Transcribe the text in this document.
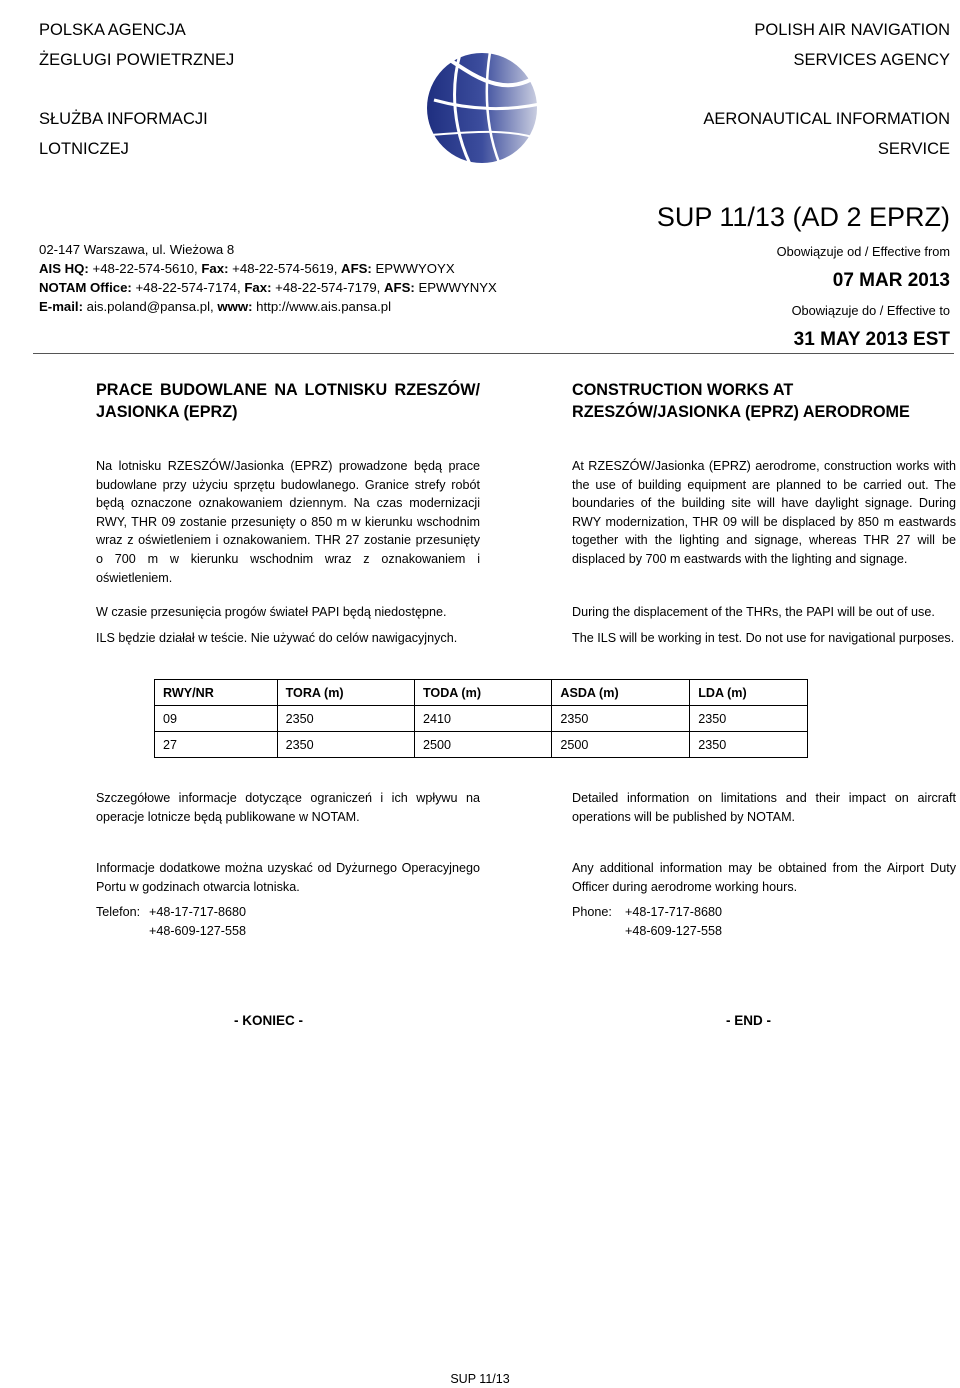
POLSKA AGENCJA
ŻEGLUGI POWIETRZNEJ
SŁUŻBA INFORMACJI
LOTNICZEJ
POLISH AIR NAVIGATION
SERVICES AGENCY
AERONAUTICAL INFORMATION
SERVICE
02-147 Warszawa, ul. Wieżowa 8
AIS HQ: +48-22-574-5610, Fax: +48-22-574-5619, AFS: EPWWYOYX
NOTAM Office: +48-22-574-7174, Fax: +48-22-574-7179, AFS: EPWWYNYX
E-mail: ais.poland@pansa.pl, www: http://www.ais.pansa.pl
SUP 11/13 (AD 2 EPRZ)
Obowiązuje od / Effective from
07 MAR 2013
Obowiązuje do / Effective to
31 MAY 2013 EST
PRACE BUDOWLANE NA LOTNISKU RZESZÓW/ JASIONKA (EPRZ)
CONSTRUCTION WORKS AT RZESZÓW/JASIONKA (EPRZ) AERODROME
Na lotnisku RZESZÓW/Jasionka (EPRZ) prowadzone będą prace budowlane przy użyciu sprzętu budowlanego. Granice strefy robót będą oznaczone oznakowaniem dziennym. Na czas modernizacji RWY, THR 09 zostanie przesunięty o 850 m w kierunku wschodnim wraz z oświetleniem i oznakowaniem. THR 27 zostanie przesunięty o 700 m w kierunku wschodnim wraz z oznakowaniem i oświetleniem.
At RZESZÓW/Jasionka (EPRZ) aerodrome, construction works with the use of building equipment are planned to be carried out. The boundaries of the building site will have daylight signage. During RWY modernization, THR 09 will be displaced by 850 m eastwards together with the lighting and signage, whereas THR 27 will be displaced by 700 m eastwards with the lighting and signage.
W czasie przesunięcia progów świateł PAPI będą niedostępne.	During the displacement of the THRs, the PAPI will be out of use.
ILS będzie działał w teście. Nie używać do celów nawigacyjnych.	The ILS will be working in test. Do not use for navigational purposes.
RWY/NR	TORA (m)	TODA (m)	ASDA (m)	LDA (m)
09	2350	2410	2350	2350
27	2350	2500	2500	2350
Szczegółowe informacje dotyczące ograniczeń i ich wpływu na operacje lotnicze będą publikowane w NOTAM.
Detailed information on limitations and their impact on aircraft operations will be published by NOTAM.
Informacje dodatkowe można uzyskać od Dyżurnego Operacyjnego Portu w godzinach otwarcia lotniska.
Any additional information may be obtained from the Airport Duty Officer during aerodrome working hours.
Telefon: +48-17-717-8680
+48-609-127-558
Phone:	+48-17-717-8680
+48-609-127-558
- KONIEC -	- END -
SUP 11/13
